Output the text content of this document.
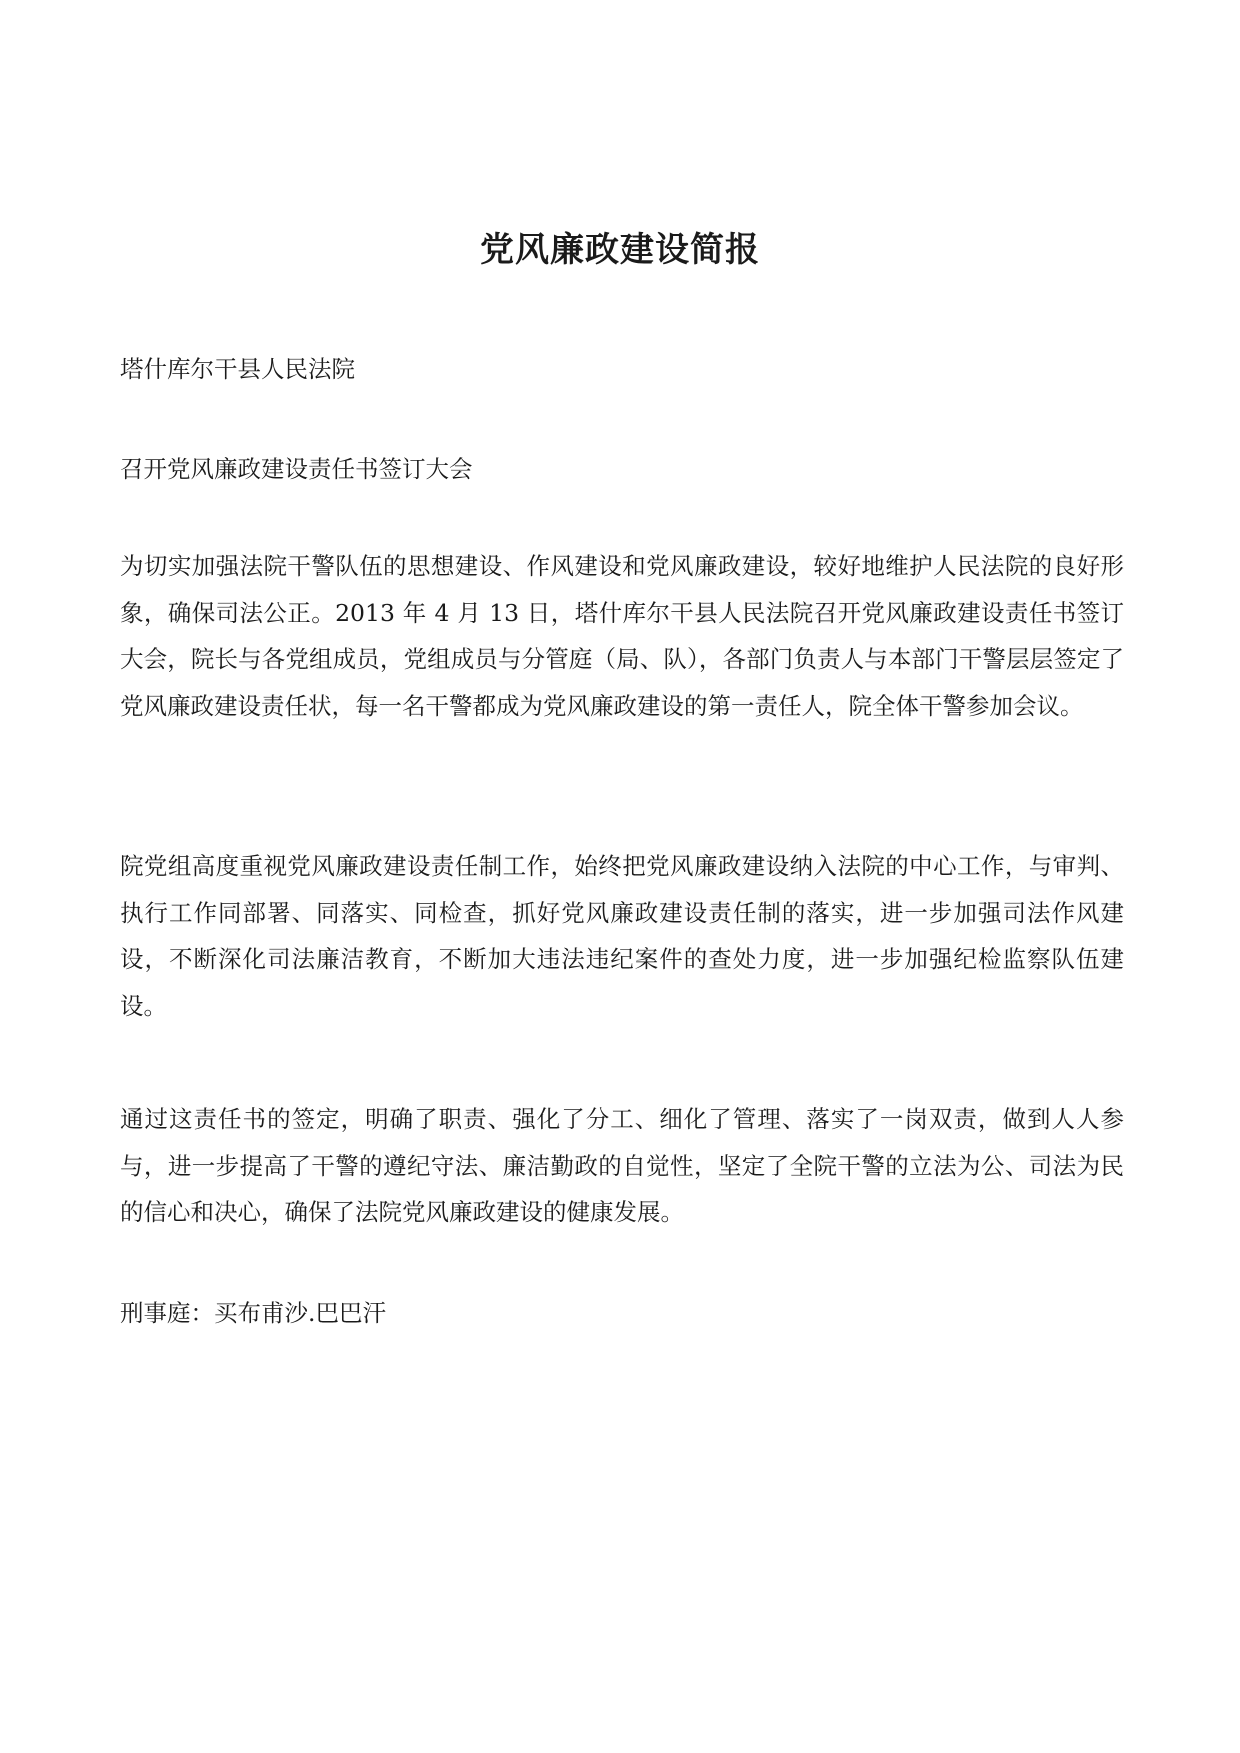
党风廉政建设简报
塔什库尔干县人民法院
召开党风廉政建设责任书签订大会
为切实加强法院干警队伍的思想建设、作风建设和党风廉政建设，较好地维护人民法院的良好形象，确保司法公正。2013 年 4 月 13 日，塔什库尔干县人民法院召开党风廉政建设责任书签订大会，院长与各党组成员，党组成员与分管庭（局、队），各部门负责人与本部门干警层层签定了党风廉政建设责任状，每一名干警都成为党风廉政建设的第一责任人，院全体干警参加会议。
院党组高度重视党风廉政建设责任制工作，始终把党风廉政建设纳入法院的中心工作，与审判、执行工作同部署、同落实、同检查，抓好党风廉政建设责任制的落实，进一步加强司法作风建设，不断深化司法廉洁教育，不断加大违法违纪案件的查处力度，进一步加强纪检监察队伍建设。
通过这责任书的签定，明确了职责、强化了分工、细化了管理、落实了一岗双责，做到人人参与，进一步提高了干警的遵纪守法、廉洁勤政的自觉性，坚定了全院干警的立法为公、司法为民的信心和决心，确保了法院党风廉政建设的健康发展。
刑事庭：买布甫沙.巴巴汗
